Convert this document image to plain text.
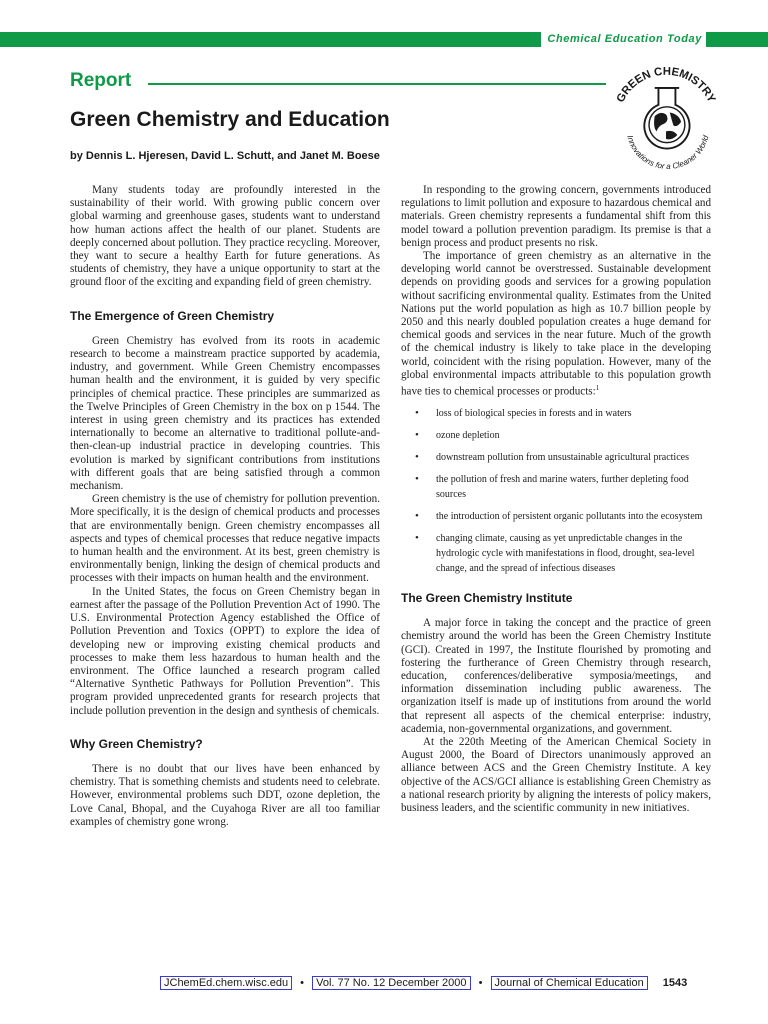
Chemical Education Today
Report
Green Chemistry and Education
by Dennis L. Hjeresen, David L. Schutt, and Janet M. Boese
GREEN CHEMISTRY
Innovations for a Cleaner World

Many students today are profoundly interested in the sustainability of their world. With growing public concern over global warming and greenhouse gases, students want to understand how human actions affect the health of our planet. Students are deeply concerned about pollution. They practice recycling. Moreover, they want to secure a healthy Earth for future generations. As students of chemistry, they have a unique opportunity to start at the ground floor of the exciting and expanding field of green chemistry.

The Emergence of Green Chemistry

Green Chemistry has evolved from its roots in academic research to become a mainstream practice supported by academia, industry, and government. While Green Chemistry encompasses human health and the environment, it is guided by very specific principles of chemical practice. These principles are summarized as the Twelve Principles of Green Chemistry in the box on p 1544. The interest in using green chemistry and its practices has extended internationally to become an alternative to traditional pollute-and-then-clean-up industrial practice in developing countries. This evolution is marked by significant contributions from institutions with different goals that are being satisfied through a common mechanism.

Green chemistry is the use of chemistry for pollution prevention. More specifically, it is the design of chemical products and processes that are environmentally benign. Green chemistry encompasses all aspects and types of chemical processes that reduce negative impacts to human health and the environment. At its best, green chemistry is environmentally benign, linking the design of chemical products and processes with their impacts on human health and the environment.

In the United States, the focus on Green Chemistry began in earnest after the passage of the Pollution Prevention Act of 1990. The U.S. Environmental Protection Agency established the Office of Pollution Prevention and Toxics (OPPT) to explore the idea of developing new or improving existing chemical products and processes to make them less hazardous to human health and the environment. The Office launched a research program called “Alternative Synthetic Pathways for Pollution Prevention”. This program provided unprecedented grants for research projects that include pollution prevention in the design and synthesis of chemicals.

Why Green Chemistry?

There is no doubt that our lives have been enhanced by chemistry. That is something chemists and students need to celebrate. However, environmental problems such DDT, ozone depletion, the Love Canal, Bhopal, and the Cuyahoga River are all too familiar examples of chemistry gone wrong.

In responding to the growing concern, governments introduced regulations to limit pollution and exposure to hazardous chemical and materials. Green chemistry represents a fundamental shift from this model toward a pollution prevention paradigm. Its premise is that a benign process and product presents no risk.

The importance of green chemistry as an alternative in the developing world cannot be overstressed. Sustainable development depends on providing goods and services for a growing population without sacrificing environmental quality. Estimates from the United Nations put the world population as high as 10.7 billion people by 2050 and this nearly doubled population creates a huge demand for chemical goods and services in the near future. Much of the growth of the chemical industry is likely to take place in the developing world, coincident with the rising population. However, many of the global environmental impacts attributable to this population growth have ties to chemical processes or products:$^1$

• loss of biological species in forests and in waters
• ozone depletion
• downstream pollution from unsustainable agricultural practices
• the pollution of fresh and marine waters, further depleting food sources
• the introduction of persistent organic pollutants into the ecosystem
• changing climate, causing as yet unpredictable changes in the hydrologic cycle with manifestations in flood, drought, sea-level change, and the spread of infectious diseases
The Green Chemistry Institute

A major force in taking the concept and the practice of green chemistry around the world has been the Green Chemistry Institute (GCI). Created in 1997, the Institute flourished by promoting and fostering the furtherance of Green Chemistry through research, education, conferences/deliberative symposia/meetings, and information dissemination including public awareness. The organization itself is made up of institutions from around the world that represent all aspects of the chemical enterprise: industry, academia, non-governmental organizations, and government.

At the 220th Meeting of the American Chemical Society in August 2000, the Board of Directors unanimously approved an alliance between ACS and the Green Chemistry Institute. A key objective of the ACS/GCI alliance is establishing Green Chemistry as a national research priority by aligning the interests of policy makers, business leaders, and the scientific community in new initiatives.

JChemEd.chem.wisc.edu • Vol. 77 No. 12 December 2000 • Journal of Chemical Education 1543
